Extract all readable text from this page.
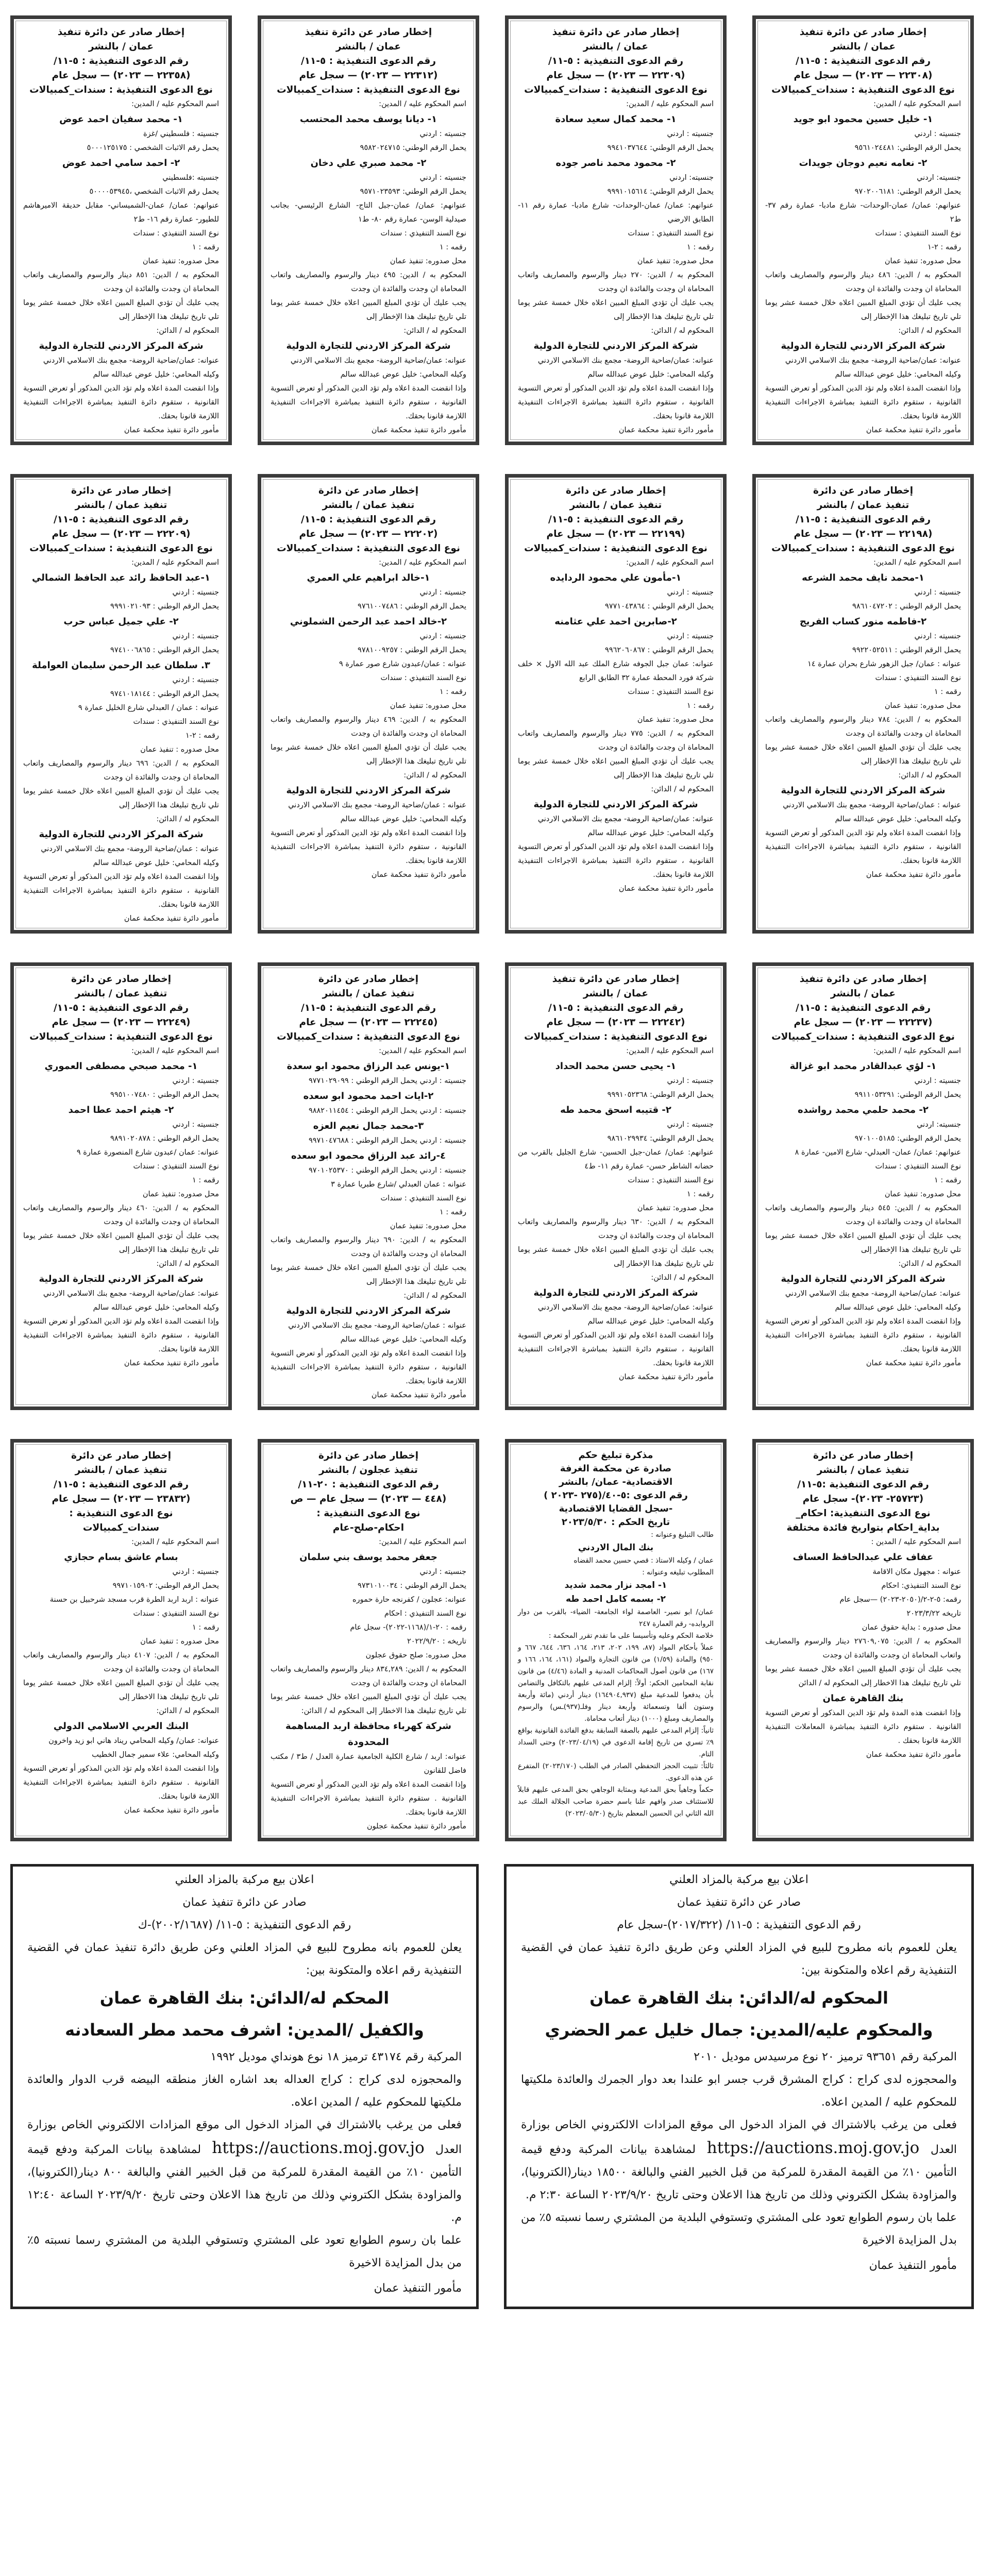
إخطار صادر عن دائرة تنفيذ
عمان / بالنشر
رقم الدعوى التنفيذية : ٥-١١/
(٢٢٣٠٨ — ٢٠٢٣) — سجل عام
نوع الدعوى التنفيذية : سندات_كمبيالات
اسم المحكوم عليه / المدين:
١- خليل حسين محمود ابو جويد
جنسيته : اردني
يحمل الرقم الوطني: ٩٥٦١٠٢٤٤٨١
٢- نعامه نعيم دوجان جويدات
جنسيته: اردني
يحمل الرقم الوطني: ٩٧٠٢٠٠٦١٨١
عنوانهم: عمان/ عمان-الوحدات- شارع مادبا- عمارة رقم ٣٧- ط٢
نوع السند التنفيذي : سندات
رقمه : ٢-١
محل صدوره: تنفيذ عمان
المحكوم به / الدين: ٤٨٦ دينار والرسوم والمصاريف واتعاب المحاماة ان وجدت والفائدة ان وجدت
يجب عليك أن تؤدي المبلغ المبين اعلاه خلال خمسة عشر يوما تلي تاريخ تبليغك هذا الإخطار إلى
المحكوم له / الدائن:
شركة المركز الاردني للتجارة الدولية
عنوانه: عمان/ضاحية الروضة- مجمع بنك الاسلامي الاردني
وكيله المحامي: خليل عوض عبدالله سالم
وإذا انقضت المدة اعلاه ولم تؤد الدين المذكور أو تعرض التسوية القانونية ، ستقوم دائرة التنفيذ بمباشرة الاجراءات التنفيذية اللازمة قانونا بحقك.
مأمور دائرة تنفيذ محكمة عمان
إخطار صادر عن دائرة تنفيذ
عمان / بالنشر
رقم الدعوى التنفيذية : ٥-١١/
(٢٢٣٠٩ — ٢٠٢٣) — سجل عام
نوع الدعوى التنفيذية : سندات_كمبيالات
اسم المحكوم عليه / المدين:
١- محمد كمال سعيد سعادة
جنسيته : اردني
يحمل الرقم الوطني: ٩٩٤١٠٣٧٦٤٤
٢- محمود محمد ناصر جوده
جنسيته: اردني
يحمل الرقم الوطني: ٩٩٩١٠١٥٦١٤
عنوانهم: عمان/ عمان-الوحدات- شارع مادبا- عمارة رقم ١١- الطابق الارضي
نوع السند التنفيذي : سندات
رقمه : ١
محل صدوره: تنفيذ عمان
المحكوم به / الدين: ٢٧٠ دينار والرسوم والمصاريف واتعاب المحاماة ان وجدت والفائدة ان وجدت
يجب عليك أن تؤدي المبلغ المبين اعلاه خلال خمسة عشر يوما تلي تاريخ تبليغك هذا الإخطار إلى
المحكوم له / الدائن:
شركة المركز الاردني للتجارة الدولية
عنوانه: عمان/ضاحية الروضة- مجمع بنك الاسلامي الاردني
وكيله المحامي: خليل عوض عبدالله سالم
وإذا انقضت المدة اعلاه ولم تؤد الدين المذكور أو تعرض التسوية القانونية ، ستقوم دائرة التنفيذ بمباشرة الاجراءات التنفيذية اللازمة قانونا بحقك.
مأمور دائرة تنفيذ محكمة عمان
إخطار صادر عن دائرة تنفيذ
عمان / بالنشر
رقم الدعوى التنفيذية : ٥-١١/
(٢٢٣١٢ — ٢٠٢٣) — سجل عام
نوع الدعوى التنفيذية : سندات_كمبيالات
اسم المحكوم عليه / المدين:
١- ديانا يوسف محمد المحتسب
جنسيته : اردني
يحمل الرقم الوطني: ٩٥٨٢٠٢٤٧١٥
٢- محمد صبري علي دخان
جنسيته : اردني
يحمل الرقم الوطني: ٩٥٧١٠٢٣٥٩٣
عنوانهم: عمان/ عمان-جبل التاج- الشارع الرئيسي- بجانب صيدلية الوسن- عمارة رقم ٨٠- ط١
نوع السند التنفيذي : سندات
رقمه : ١
محل صدوره: تنفيذ عمان
المحكوم به / الدين: ٤٩٥ دينار والرسوم والمصاريف واتعاب المحاماة ان وجدت والفائدة ان وجدت
يجب عليك أن تؤدي المبلغ المبين اعلاه خلال خمسة عشر يوما تلي تاريخ تبليغك هذا الإخطار إلى
المحكوم له / الدائن:
شركة المركز الاردني للتجارة الدولية
عنوانه: عمان/ضاحية الروضة- مجمع بنك الاسلامي الاردني
وكيله المحامي: خليل عوض عبدالله سالم
وإذا انقضت المدة اعلاه ولم تؤد الدين المذكور أو تعرض التسوية القانونية ، ستقوم دائرة التنفيذ بمباشرة الاجراءات التنفيذية اللازمة قانونا بحقك.
مأمور دائرة تنفيذ محكمة عمان
إخطار صادر عن دائرة تنفيذ
عمان / بالنشر
رقم الدعوى التنفيذية : ٥-١١/
(٢٢٣٥٨ — ٢٠٢٣) — سجل عام
نوع الدعوى التنفيذية : سندات_كمبيالات
اسم المحكوم عليه / المدين:
١- محمد سفيان احمد عوض
جنسيته : فلسطيني /غزة
يحمل رقم الاثبات الشخصي : ٥٠٠٠١٢٥١٧٥
٢- احمد سامي احمد عوض
جنسيته :فلسطيني
يحمل رقم الاثبات الشخصي ،٥٠٠٠٠٥٣٩٤٥
عنوانهم: عمان/ عمان-الشميساني- مقابل حديقة الاميرهاشم للطيور- عمارة رقم ١٦- ط٢
نوع السند التنفيذي : سندات
رقمه : ١
محل صدوره: تنفيذ عمان
المحكوم به / الدين: ٨٥١ دينار والرسوم والمصاريف واتعاب المحاماة ان وجدت والفائدة ان وجدت
يجب عليك أن تؤدي المبلغ المبين اعلاه خلال خمسة عشر يوما تلي تاريخ تبليغك هذا الإخطار إلى
المحكوم له / الدائن:
شركة المركز الاردني للتجارة الدولية
عنوانه: عمان/ضاحية الروضة- مجمع بنك الاسلامي الاردني
وكيله المحامي: خليل عوض عبدالله سالم
وإذا انقضت المدة اعلاه ولم تؤد الدين المذكور أو تعرض التسوية القانونية ، ستقوم دائرة التنفيذ بمباشرة الاجراءات التنفيذية اللازمة قانونا بحقك.
مأمور دائرة تنفيذ محكمة عمان
إخطار صادر عن دائرة
تنفيذ عمان / بالنشر
رقم الدعوى التنفيذية : ٥-١١/
(٢٢١٩٨ — ٢٠٢٣) — سجل عام
نوع الدعوى التنفيذية : سندات_كمبيالات
اسم المحكوم عليه / المدين:
١-محمد نايف محمد الشرعه
جنسيته : اردني
يحمل الرقم الوطني : ٩٨٦١٠٤٧٢٠٢
٢-فاطمه منور كساب الفريج
جنسيته : اردني
يحمل الرقم الوطني : ٩٩٢٢٠٥٢٥١١
عنوانه : عمان/ جبل الزهور شارع بحران عمارة ١٤
نوع السند التنفيذي : سندات
رقمه : ١
محل صدوره: تنفيذ عمان
المحكوم به / الدين: ٧٨٤ دينار والرسوم والمصاريف واتعاب المحاماة ان وجدت والفائدة ان وجدت
يجب عليك أن تؤدي المبلغ المبين اعلاه خلال خمسة عشر يوما تلي تاريخ تبليغك هذا الإخطار إلى
المحكوم له / الدائن:
شركة المركز الاردني للتجارة الدولية
عنوانه : عمان/ضاحية الروضة- مجمع بنك الاسلامي الاردني
وكيله المحامي: خليل عوض عبدالله سالم
وإذا انقضت المدة اعلاه ولم تؤد الدين المذكور أو تعرض التسوية القانونية ، ستقوم دائرة التنفيذ بمباشرة الاجراءات التنفيذية اللازمة قانونا بحقك.
مأمور دائرة تنفيذ محكمة عمان
إخطار صادر عن دائرة
تنفيذ عمان / بالنشر
رقم الدعوى التنفيذية : ٥-١١/
(٢٢١٩٩ — ٢٠٢٣) — سجل عام
نوع الدعوى التنفيذية : سندات_كمبيالات
اسم المحكوم عليه / المدين:
١-مأمون علي محمود الردايده
جنسيته : اردني
يحمل الرقم الوطني : ٩٧٧١٠٤٣٨٦٤
٢-صابرين احمد علي عثامنه
جنسيته : اردني
يحمل الرقم الوطني : ٩٩٦٢٠٦٠٨٦٧
عنوانه: عمان جبل الجوفه شارع الملك عبد الله الاول × خلف شركة فورد المحطة عمارة ٣٢ الطابق الرابع
نوع السند التنفيذي : سندات
رقمه : ١
محل صدوره: تنفيذ عمان
المحكوم به / الدين: ٧٧٥ دينار والرسوم والمصاريف واتعاب المحاماة ان وجدت والفائدة ان وجدت
يجب عليك أن تؤدي المبلغ المبين اعلاه خلال خمسة عشر يوما تلي تاريخ تبليغك هذا الإخطار إلى
المحكوم له / الدائن:
شركة المركز الاردني للتجارة الدولية
عنوانه: عمان/ضاحية الروضة- مجمع بنك الاسلامي الاردني
وكيله المحامي: خليل عوض عبدالله سالم
وإذا انقضت المدة اعلاه ولم تؤد الدين المذكور أو تعرض التسوية القانونية ، ستقوم دائرة التنفيذ بمباشرة الاجراءات التنفيذية اللازمة قانونا بحقك.
مأمور دائرة تنفيذ محكمة عمان
إخطار صادر عن دائرة
تنفيذ عمان / بالنشر
رقم الدعوى التنفيذية : ٥-١١/
(٢٢٢٠٢ — ٢٠٢٣) — سجل عام
نوع الدعوى التنفيذية : سندات_كمبيالات
اسم المحكوم عليه / المدين:
١-خالد ابراهيم علي العمري
جنسيته : اردني
يحمل الرقم الوطني : ٩٧٦١٠٠٧٤٨٦
٢-خالد احمد عبد الرحمن الشملوني
جنسيته : اردني
يحمل الرقم الوطني : ٩٧٨١٠٠٩٢٥٧
عنوانه : عمان/عبدون شارع صور عمارة ٩
نوع السند التنفيذي : سندات
رقمه : ١
محل صدوره: تنفيذ عمان
المحكوم به / الدين: ٤٦٩ دينار والرسوم والمصاريف واتعاب المحاماة ان وجدت والفائدة ان وجدت
يجب عليك أن تؤدي المبلغ المبين اعلاه خلال خمسة عشر يوما تلي تاريخ تبليغك هذا الإخطار إلى
المحكوم له / الدائن:
شركة المركز الاردني للتجارة الدولية
عنوانه : عمان/ضاحية الروضة- مجمع بنك الاسلامي الاردني
وكيله المحامي: خليل عوض عبدالله سالم
وإذا انقضت المدة اعلاه ولم تؤد الدين المذكور أو تعرض التسوية القانونية ، ستقوم دائرة التنفيذ بمباشرة الاجراءات التنفيذية اللازمة قانونا بحقك.
مأمور دائرة تنفيذ محكمة عمان
إخطار صادر عن دائرة
تنفيذ عمان / بالنشر
رقم الدعوى التنفيذية : ٥-١١/
(٢٢٢٠٩ — ٢٠٢٣) — سجل عام
نوع الدعوى التنفيذية : سندات_كمبيالات
اسم المحكوم عليه / المدين:
١-عبد الحافظ رائد عبد الحافظ الشمالي
جنسيته : اردني
يحمل الرقم الوطني : ٩٩٩١٠٢١٠٩٣
٢- علي جميل عباس حرب
جنسيته : اردني
يحمل الرقم الوطني : ٩٧٤١٠٠٦٨٦٥
٣. سلطان عبد الرحمن سليمان العواملة
جنسيته : اردني
يحمل الرقم الوطني : ٩٧٤١٠١٨١٤٤
عنوانه : عمان / العبدلي شارع الخليل عمارة ٩
نوع السند التنفيذي : سندات
رقمه : ٢-١
محل صدوره : تنفيذ عمان
المحكوم به / الدين: ٦٩٦ دينار والرسوم والمصاريف واتعاب المحاماة ان وجدت والفائدة ان وجدت
يجب عليك أن تؤدي المبلغ المبين اعلاه خلال خمسة عشر يوما تلي تاريخ تبليغك هذا الإخطار إلى
المحكوم له / الدائن:
شركة المركز الاردني للتجارة الدولية
عنوانه : عمان/ضاحية الروضة- مجمع بنك الاسلامي الاردني
وكيله المحامي: خليل عوض عبدالله سالم
وإذا انقضت المدة اعلاه ولم تؤد الدين المذكور أو تعرض التسوية القانونية ، ستقوم دائرة التنفيذ بمباشرة الاجراءات التنفيذية اللازمة قانونا بحقك.
مأمور دائرة تنفيذ محكمة عمان
إخطار صادر عن دائرة تنفيذ
عمان / بالنشر
رقم الدعوى التنفيذية : ٥-١١/
(٢٢٢٣٧ — ٢٠٢٣) — سجل عام
نوع الدعوى التنفيذية : سندات_كمبيالات
اسم المحكوم عليه / المدين:
١- لؤي عبدالقادر محمد ابو غزالة
جنسيته : اردني
يحمل الرقم الوطني: ٩٩١١٠٥٣٢٩١
٢- محمد حلمي محمد رواشده
جنسيته: اردني
يحمل الرقم الوطني: ٩٧٠١٠٠٥١٨٥
عنوانهم: عمان/ عمان- العبدلي- شارع الامين- عمارة ٨
نوع السند التنفيذي : سندات
رقمه : ١
محل صدوره: تنفيذ عمان
المحكوم به / الدين: ٥٤٥ دينار والرسوم والمصاريف واتعاب المحاماة ان وجدت والفائدة ان وجدت
يجب عليك أن تؤدي المبلغ المبين اعلاه خلال خمسة عشر يوما تلي تاريخ تبليغك هذا الإخطار إلى
المحكوم له / الدائن:
شركة المركز الاردني للتجارة الدولية
عنوانه: عمان/ضاحية الروضة- مجمع بنك الاسلامي الاردني
وكيله المحامي: خليل عوض عبدالله سالم
وإذا انقضت المدة اعلاه ولم تؤد الدين المذكور أو تعرض التسوية القانونية ، ستقوم دائرة التنفيذ بمباشرة الاجراءات التنفيذية اللازمة قانونا بحقك.
مأمور دائرة تنفيذ محكمة عمان
إخطار صادر عن دائرة تنفيذ
عمان / بالنشر
رقم الدعوى التنفيذية : ٥-١١/
(٢٢٢٤٢ — ٢٠٢٣) — سجل عام
نوع الدعوى التنفيذية : سندات_كمبيالات
اسم المحكوم عليه / المدين:
١- يحيى حسن محمد الحداد
جنسيته : اردني
يحمل الرقم الوطني: ٩٩٩١٠٥٢٣٦٨
٢- قتيبه اسحق محمد طه
جنسيته : اردني
يحمل الرقم الوطني: ٩٨٦١٠٢٩٩٣٤
عنوانهم: عمان/ عمان-جبل الحسين- شارع الجليل بالقرب من حضانه الشاطر حسن- عمارة رقم ١١- ط٤
نوع السند التنفيذي : سندات
رقمه : ١
محل صدوره: تنفيذ عمان
المحكوم به / الدين: ٦٣٠ دينار والرسوم والمصاريف واتعاب المحاماة ان وجدت والفائدة ان وجدت
يجب عليك أن تؤدي المبلغ المبين اعلاه خلال خمسة عشر يوما تلي تاريخ تبليغك هذا الإخطار إلى
المحكوم له / الدائن:
شركة المركز الاردني للتجارة الدولية
عنوانه: عمان/ضاحية الروضة- مجمع بنك الاسلامي الاردني
وكيله المحامي: خليل عوض عبدالله سالم
وإذا انقضت المدة اعلاه ولم تؤد الدين المذكور أو تعرض التسوية القانونية ، ستقوم دائرة التنفيذ بمباشرة الاجراءات التنفيذية اللازمة قانونا بحقك.
مأمور دائرة تنفيذ محكمة عمان
إخطار صادر عن دائرة
تنفيذ عمان / بالنشر
رقم الدعوى التنفيذية : ٥-١١/
(٢٢٢٤٥ — ٢٠٢٣) — سجل عام
نوع الدعوى التنفيذية : سندات_كمبيالات
اسم المحكوم عليه / المدين:
١-يونس عبد الرزاق محمود ابو سعدة
جنسيته : اردني يحمل الرقم الوطني : ٩٧٧١٠٢٩٠٩٩
٢-ايات احمد محمود ابو سعده
جنسيته : اردني يحمل الرقم الوطني : ٩٨٨٢٠١١٤٥٤
٣-محمد جمال نعيم العزه
جنسيته : اردني يحمل الرقم الوطني : ٩٩٧١٠٤٧٦٨٨
٤-رائد عبد الرزاق محمود ابو سعده
جنسيته : اردني يحمل الرقم الوطني : ٩٧٠١٠٢٥٣٧٠
عنوانه : عمان العبدلي /شارع طبريا عمارة ٣
نوع السند التنفيذي : سندات
رقمه : ١
محل صدوره: تنفيذ عمان
المحكوم به / الدين: ٦٩٠ دينار والرسوم والمصاريف واتعاب المحاماة ان وجدت والفائدة ان وجدت
يجب عليك أن تؤدي المبلغ المبين اعلاه خلال خمسة عشر يوما تلي تاريخ تبليغك هذا الإخطار إلى
المحكوم له / الدائن:
شركة المركز الاردني للتجارة الدولية
عنوانه : عمان/ضاحية الروضة- مجمع بنك الاسلامي الاردني
وكيله المحامي: خليل عوض عبدالله سالم
وإذا انقضت المدة اعلاه ولم تؤد الدين المذكور أو تعرض التسوية القانونية ، ستقوم دائرة التنفيذ بمباشرة الاجراءات التنفيذية اللازمة قانونا بحقك.
مأمور دائرة تنفيذ محكمة عمان
إخطار صادر عن دائرة
تنفيذ عمان / بالنشر
رقم الدعوى التنفيذية : ٥-١١/
(٢٢٢٤٩ — ٢٠٢٣) — سجل عام
نوع الدعوى التنفيذية : سندات_كمبيالات
اسم المحكوم عليه / المدين:
١- محمد صبحي مصطفى العموري
جنسيته : اردني
يحمل الرقم الوطني : ٩٩٥١٠٠٧٤٨٠
٢- هيثم احمد عطا احمد
جنسيته : اردني
يحمل الرقم الوطني : ٩٨٩١٠٢٠٨٧٨
عنوانه: عمان /عبدون شارع المنصورة عمارة ٩
نوع السند التنفيذي : سندات
رقمه : ١
محل صدوره: تنفيذ عمان
المحكوم به / الدين: ٤٦٠ دينار والرسوم والمصاريف واتعاب المحاماة ان وجدت والفائدة ان وجدت
يجب عليك أن تؤدي المبلغ المبين اعلاه خلال خمسة عشر يوما تلي تاريخ تبليغك هذا الإخطار إلى
المحكوم له / الدائن:
شركة المركز الاردني للتجارة الدولية
عنوانه: عمان/ضاحية الروضة- مجمع بنك الاسلامي الاردني
وكيله المحامي: خليل عوض عبدالله سالم
وإذا انقضت المدة اعلاه ولم تؤد الدين المذكور أو تعرض التسوية القانونية ، ستقوم دائرة التنفيذ بمباشرة الاجراءات التنفيذية اللازمة قانونا بحقك.
مأمور دائرة تنفيذ محكمة عمان
إخطار صادر عن دائرة
تنفيذ عمان / بالنشر
رقم الدعوى التنفيذية :٥-١١/
(٢٥٧٢٣- ٢٠٢٣)- سجل عام
نوع الدعوى التنفيذية: احكام_
بداية_احكام بتواريخ فائدة مختلفة
اسم المحكوم عليه / المدين :
عفاف علي عبدالحافظ العساف
عنوانه : مجهول مكان الاقامة
نوع السند التنفيذي: احكام
رقمه: ٥-٢-٢/(٢٠٥٠-٢٠٢٣) —سجل عام
تاريخه ٢٠٢٣/٣/٢٢
محل صدوره : بداية حقوق عمان
المحكوم به / الدين: ٢٧٦٠٩,٠٧٥ دينار والرسوم والمصاريف واتعاب المحاماة ان وجدت والفائدة ان وجدت
يجب عليك أن تؤدي المبلغ المبين اعلاه خلال خمسة عشر يوما تلي تاريخ تبليغك هذا الاخطار إلى المحكوم له / الدائن
بنك القاهرة عمان
وإذا انقضت هذه المدة ولم تؤد الدين المذكور أو تعرض التسوية القانونية . ستقوم دائرة التنفيذ بمباشرة المعاملات التنفيذية اللازمة قانونا بحقك .
مأمور دائرة تنفيذ محكمة عمان
مذكرة تبليغ حكم
صادرة عن محكمة الغرفة
الاقتصادية- عمان/ بالنشر
رقم الدعوى :٥-٤٠/(٢٧٥ -٢٠٢٣ )
-سجل القضايا الاقتصادية
تاريخ الحكم : ٢٠٢٣/٥/٣٠
طالب التبليغ وعنوانه :
بنك المال الاردني
عمان / وكيله الاستاذ : قصي حسين محمد القضاه
المطلوب تبليغه وعنوانه :
١- امجد نزار محمد شديد
٢- بسمه كامل احمد طه
عمان/ ابو نصير- العاصمة لواء الجامعة- الضياء- بالقرب من دوار الروابده- رقم العمارة ٢٤٧
خلاصة الحكم وعليه وتأسيسا على ما تقدم تقرر المحكمة :
عملاً بأحكام المواد (٨٧، ١٩٩، ٢٠٢، ٢١٣، ١٦٤، ٦٣٦، ٦٤٤، ٦٦٧ و ٩٥٠) والمادة (١/٥٩) من قانون التجارة والمواد (١٦١، ١٦٤، ١٦٦ و ١٦٧) من قانون أصول المحاكمات المدنية و المادة (٤/٤٦) من قانون نقابة المحامين الحكم: أولاً: إلزام المدعى عليهم بالتكافل والتضامن بأن يدفعوا للمدعية مبلغ (١٦٤٩٠٤,٩٣٧) دينار أردني (مائة وأربعة وستون ألفا وتسعمائة وأربعة دينار وفلـ(٩٣٧)ـس) والرسوم والمصاريف ومبلغ (١٠٠٠) دينار أتعاب محاماة.
ثانياً: إلزام المدعى عليهم بالصفة السابقة بدفع الفائدة القانونية بواقع ٩٪ تسري من تاريخ إقامة الدعوى في (٢٠٢٣/٠٤/١٩) وحتى السداد التام.
ثالثاً: تثبيت الحجز التحفظي الصادر في الطلب (٢٠٢٣/١٧٠) المتفرع عن هذه الدعوى.
حكماً وجاهياً بحق المدعية وبمثابة الوجاهي بحق المدعى عليهم قابلاً للاستئناف صدر وافهم علنا باسم حضرة صاحب الجلالة الملك عبد الله الثاني ابن الحسين المعظم بتاريخ (٢٠٢٣/٠٥/٣٠)
إخطار صادر عن دائرة
تنفيذ عجلون / بالنشر
رقم الدعوى التنفيذية : ٢٠-١١/
(٤٤٨ — ٢٠٢٣) — سجل عام — ص
نوع الدعوى التنفيذية :
احكام-صلح-عام
اسم المحكوم عليه / المدين:
جعفر محمد يوسف بني سلمان
جنسيته : اردني
يحمل الرقم الوطني : ٩٧٣١٠١٠٠٣٤
عنوانه: عجلون / كفرنجه حارة حموره
نوع السند التنفيذي : احكام
رقمه : ٢٠-١/(١١٦٨-٢٠٢٢)- سجل عام
تاريخه : ٢٠٢٢/٩/٢٠
محل صدوره: صلح حقوق عجلون
المحكوم به / الدين: ٨٣٤,٢٨٩ دينار والرسوم والمصاريف واتعاب المحاماة ان وجدت والفائدة ان وجدت
يجب عليك أن تؤدي المبلغ المبين اعلاه خلال خمسة عشر يوما تلي تاريخ تبليغك هذا الاخطار إلى المحكوم له / الدائن:
شركة كهرباء محافظة اربد المساهمة المحدودة
عنوانه: اربد / شارع الكلية الجامعية عمارة العدل / ط٣ / مكتب فاضل للقانون
وإذا انقضت المدة اعلاه ولم تؤد الدين المذكور أو تعرض التسوية القانونية . ستقوم دائرة التنفيذ بمباشرة الاجراءات التنفيذية اللازمة قانونا بحقك.
مأمور دائرة تنفيذ محكمة عجلون
إخطار صادر عن دائرة
تنفيذ عمان / بالنشر
رقم الدعوى التنفيذية : ٥-١١/
(٢٣٨٣٢ — ٢٠٢٣) — سجل عام
نوع الدعوى التنفيذية :
سندات_كمبيالات
اسم المحكوم عليه / المدين:
بسام عاشق بسام حجازي
جنسيته : اردني
يحمل الرقم الوطني: ٩٩٧١٠١٥٩٠٢
عنوانه : اربد اربد الطرة قرب مسجد شرحبيل بن حسنة
نوع السند التنفيذي : سندات
رقمه : ١
محل صدوره : تنفيذ عمان
المحكوم به / الدين: ٤١٠٧ دينار والرسوم والمصاريف واتعاب المحاماة ان وجدت والفائدة ان وجدت
يجب عليك أن تؤدي المبلغ المبين اعلاه خلال خمسة عشر يوما تلي تاريخ تبليغك هذا الاخطار إلى
المحكوم له / الدائن:
البنك العربي الاسلامي الدولي
عنوانه: عمان/ وكيله المحامي ريناد هاني ابو زيد واخرون
وكيله المحامي: علاء سمير جمال الخطيب
وإذا انقضت المدة اعلاه ولم تؤد الدين المذكور أو تعرض التسوية القانونية . ستقوم دائرة التنفيذ بمباشرة الاجراءات التنفيذية اللازمة قانونا بحقك.
مأمور دائرة تنفيذ محكمة عمان
اعلان بيع مركبة بالمزاد العلني
صادر عن دائرة تنفيذ عمان
رقم الدعوى التنفيذية : ٥-١١/ (٢٠١٧/٣٢٢)-سجل عام
يعلن للعموم بانه مطروح للبيع في المزاد العلني وعن طريق دائرة تنفيذ عمان في القضية التنفيذية رقم اعلاه والمتكونة بين:
المحكوم له/الدائن: بنك القاهرة عمان
والمحكوم عليه/المدين: جمال خليل عمر الحضري
المركبة رقم ٩٣٦٥١ ترميز ٢٠ نوع مرسيدس موديل ٢٠١٠
والمحجوزه لدى كراج : كراج المشرق قرب جسر ابو علندا بعد دوار الجمرك والعائدة ملكيتها للمحكوم عليه / المدين اعلاه.
فعلى من يرغب بالاشتراك في المزاد الدخول الى موقع المزادات الالكتروني الخاص بوزارة العدل https://auctions.moj.gov.jo لمشاهدة بيانات المركبة ودفع قيمة التأمين ١٠٪ من القيمة المقدرة للمركبة من قبل الخبير الفني والبالغة ١٨٥٠٠ دينار(الكترونيا)، والمزاودة بشكل الكتروني وذلك من تاريخ هذا الاعلان وحتى تاريخ ٢٠٢٣/٩/٢٠ الساعة ٢:٣٠ م.
علما بان رسوم الطوابع تعود على المشتري وتستوفي البلدية من المشتري رسما نسبته ٥٪ من بدل المزايدة الاخيرة
مأمور التنفيذ عمان
اعلان بيع مركبة بالمزاد العلني
صادر عن دائرة تنفيذ عمان
رقم الدعوى التنفيذية : ٥-١١/ (٢٠٠٢/١٦٨٧)-ك
يعلن للعموم بانه مطروح للبيع في المزاد العلني وعن طريق دائرة تنفيذ عمان في القضية التنفيذية رقم اعلاه والمتكونة بين:
المحكم له/الدائن: بنك القاهرة عمان
والكفيل /المدين: اشرف محمد مطر السعادنه
المركبة رقم ٤٣١٧٤ ترميز ١٨ نوع هونداي موديل ١٩٩٢
والمحجوزه لدى كراج : كراج العداله بعد اشاره الغاز منطقه البيضه قرب الدوار والعائدة ملكيتها للمحكوم عليه / المدين اعلاه.
فعلى من يرغب بالاشتراك في المزاد الدخول الى موقع المزادات الالكتروني الخاص بوزارة العدل https://auctions.moj.gov.jo لمشاهدة بيانات المركبة ودفع قيمة التأمين ١٠٪ من القيمة المقدرة للمركبة من قبل الخبير الفني والبالغة ٨٠٠ دينار(الكترونيا)، والمزاودة بشكل الكتروني وذلك من تاريخ هذا الاعلان وحتى تاريخ ٢٠٢٣/٩/٢٠ الساعة ١٢:٤٠ م.
علما بان رسوم الطوابع تعود على المشتري وتستوفي البلدية من المشتري رسما نسبته ٥٪ من بدل المزايدة الاخيرة
مأمور التنفيذ عمان
